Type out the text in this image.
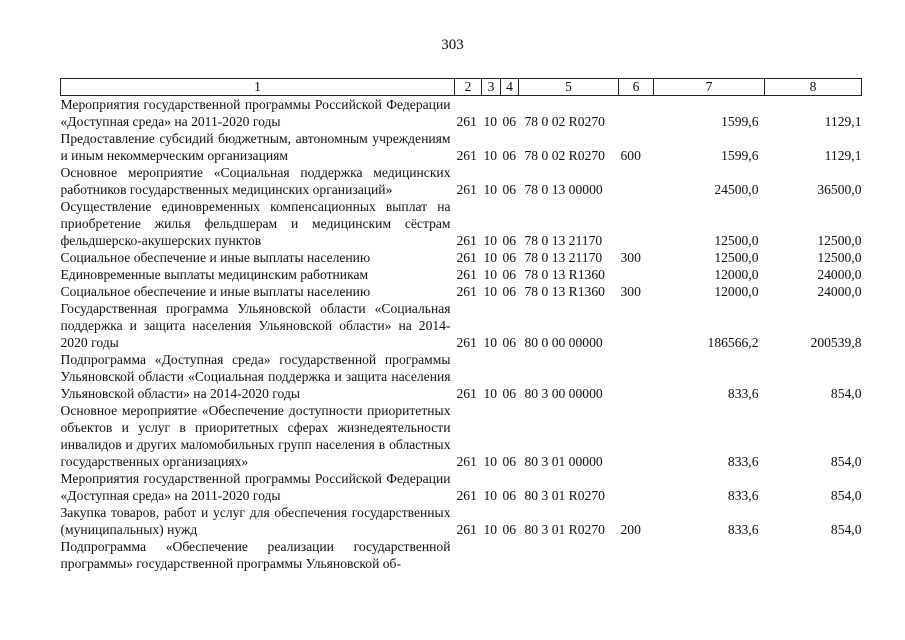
303
1	2	3	4	5	6	7	8
Мероприятия государственной программы Российской Федерации «Доступная среда» на 2011-2020 годы	261	10	06	78 0 02 R0270		1599,6	1129,1
Предоставление субсидий бюджетным, автономным учреждениям и иным некоммерческим организациям	261	10	06	78 0 02 R0270	600	1599,6	1129,1
Основное мероприятие «Социальная поддержка медицинских работников государственных медицинских организаций»	261	10	06	78 0 13 00000		24500,0	36500,0
Осуществление единовременных компенсационных выплат на приобретение жилья фельдшерам и медицинским сёстрам фельдшерско-акушерских пунктов	261	10	06	78 0 13 21170		12500,0	12500,0
Социальное обеспечение и иные выплаты населению	261	10	06	78 0 13 21170	300	12500,0	12500,0
Единовременные выплаты медицинским работникам	261	10	06	78 0 13 R1360		12000,0	24000,0
Социальное обеспечение и иные выплаты населению	261	10	06	78 0 13 R1360	300	12000,0	24000,0
Государственная программа Ульяновской области «Социальная поддержка и защита населения Ульяновской области» на 2014-2020 годы	261	10	06	80 0 00 00000		186566,2	200539,8
Подпрограмма «Доступная среда» государственной программы Ульяновской области «Социальная поддержка и защита населения Ульяновской области» на 2014-2020 годы	261	10	06	80 3 00 00000		833,6	854,0
Основное мероприятие «Обеспечение доступности приоритетных объектов и услуг в приоритетных сферах жизнедеятельности инвалидов и других маломобильных групп населения в областных государственных организациях»	261	10	06	80 3 01 00000		833,6	854,0
Мероприятия государственной программы Российской Федерации «Доступная среда» на 2011-2020 годы	261	10	06	80 3 01 R0270		833,6	854,0
Закупка товаров, работ и услуг для обеспечения государственных (муниципальных) нужд	261	10	06	80 3 01 R0270	200	833,6	854,0
Подпрограмма «Обеспечение реализации государственной программы» государственной программы Ульяновской об-							
